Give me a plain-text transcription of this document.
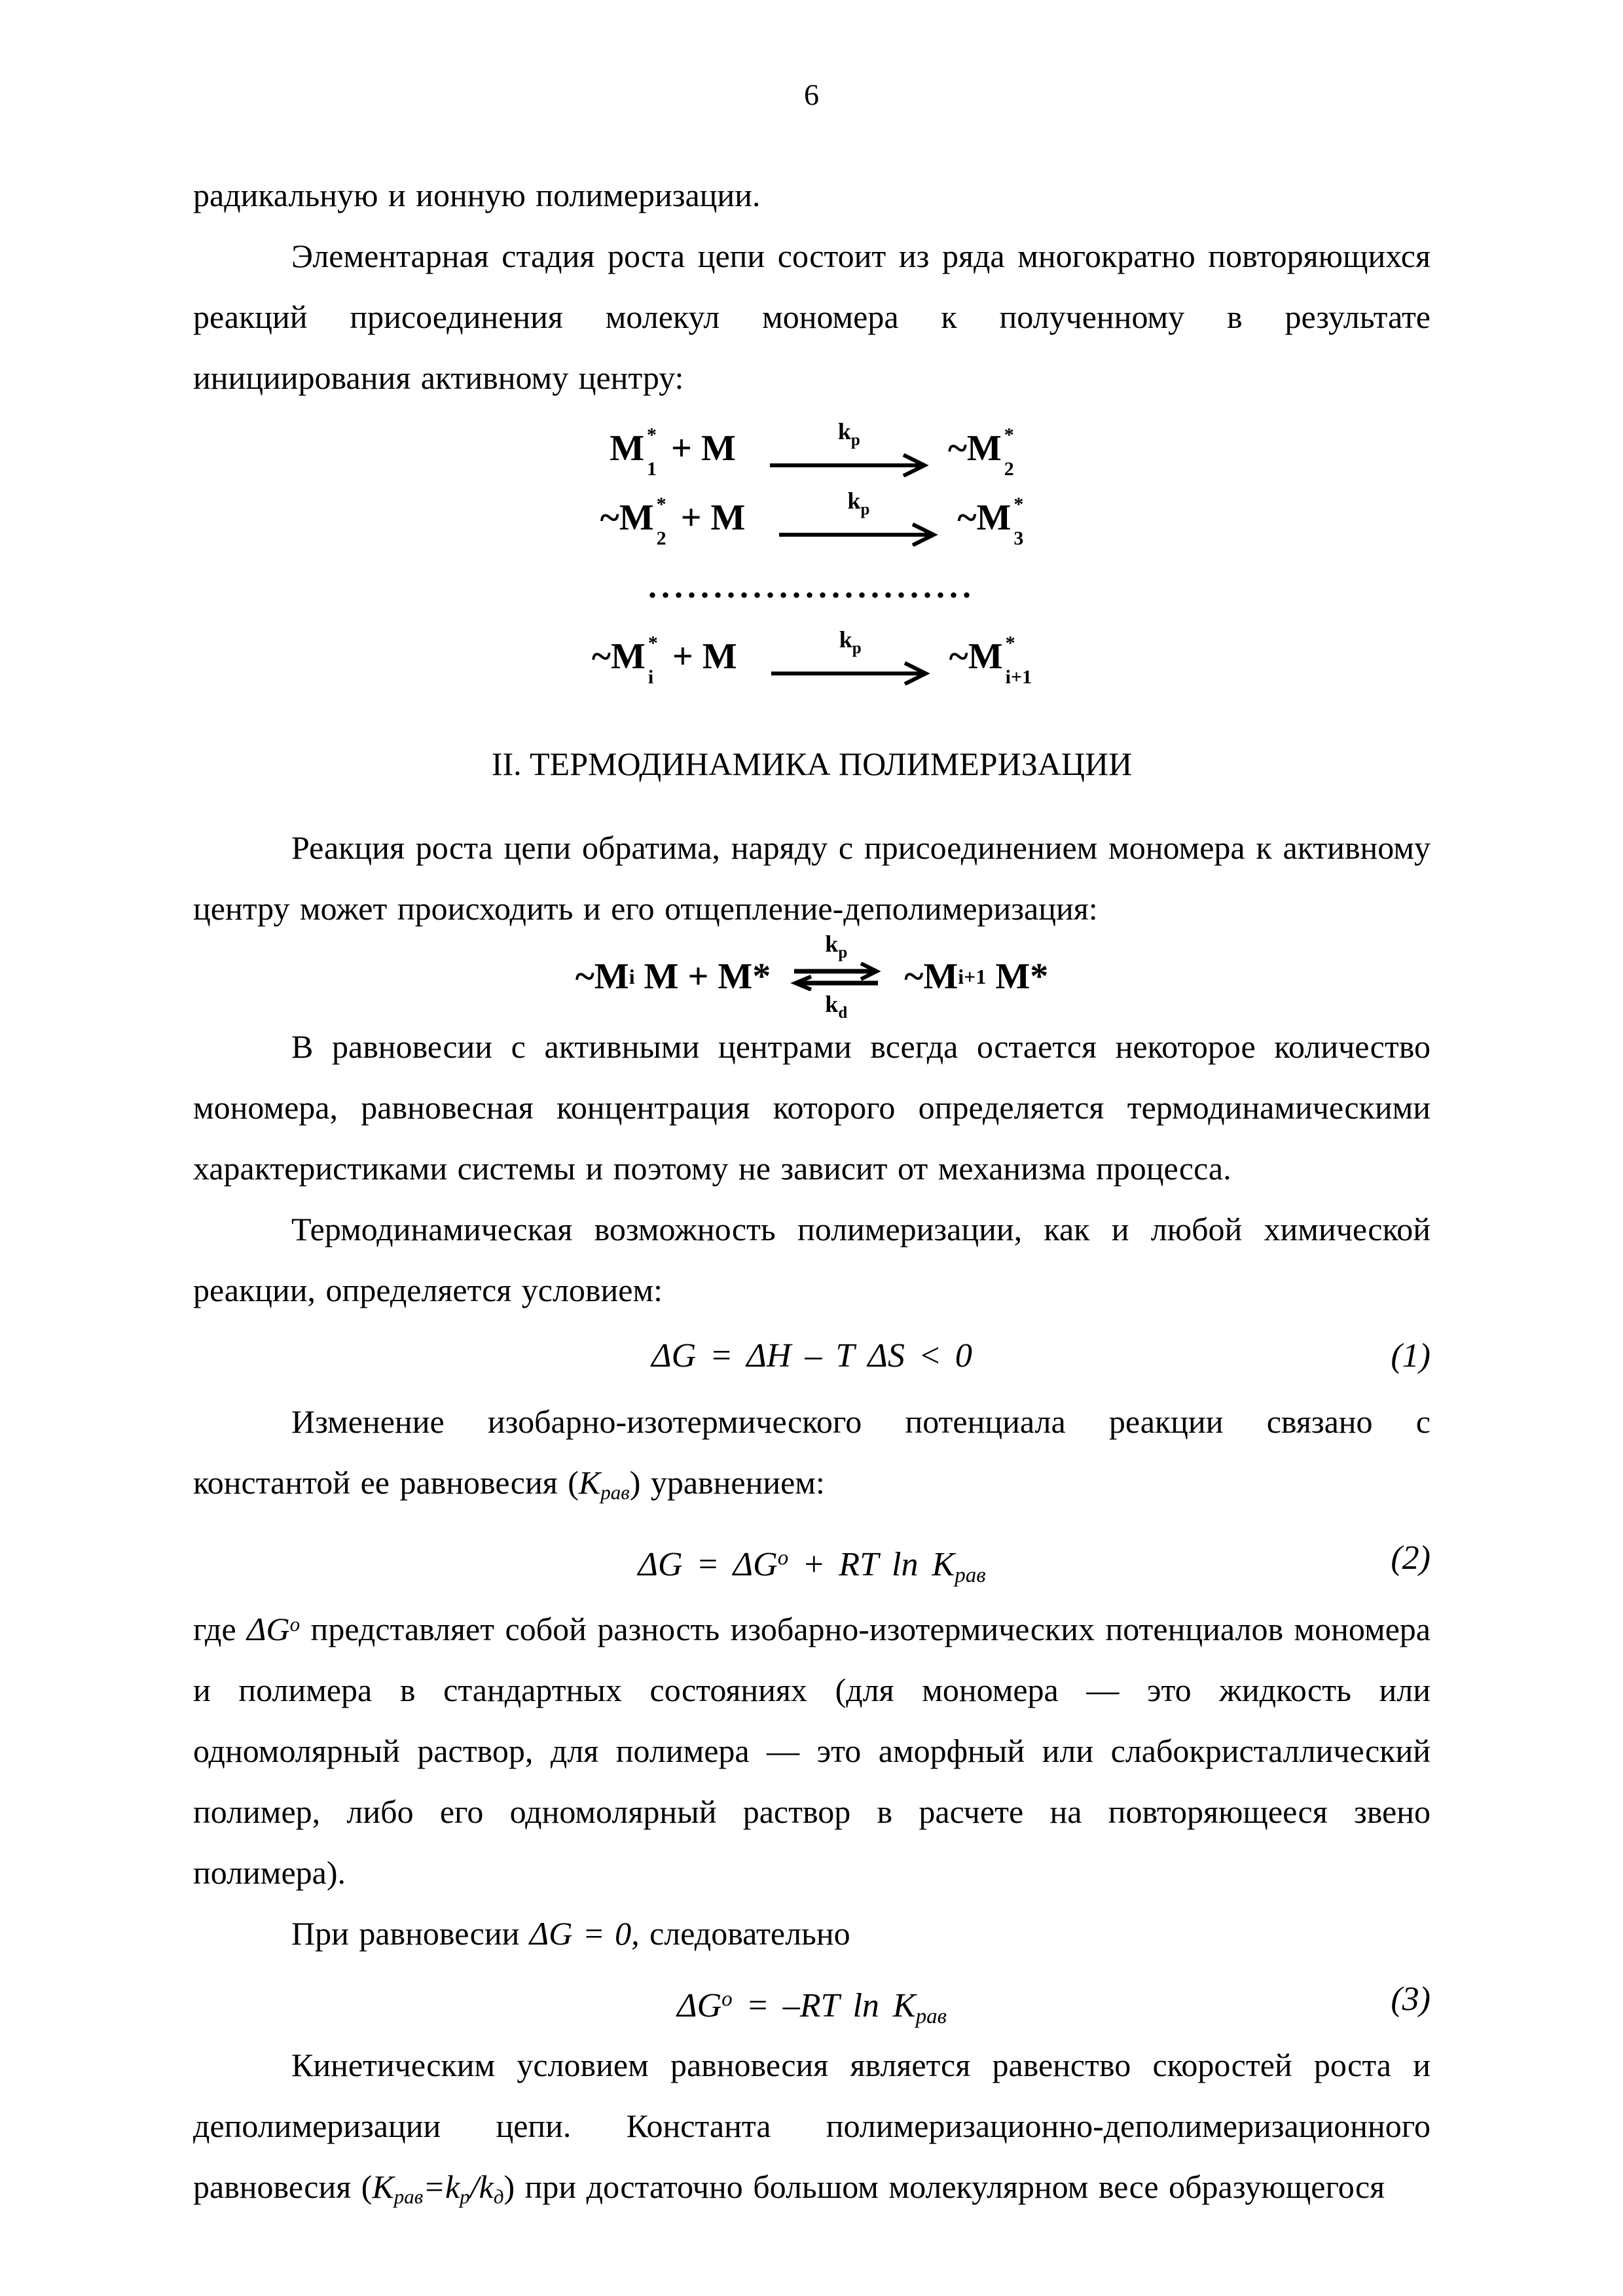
6

радикальную и ионную полимеризации.

Элементарная стадия роста цепи состоит из ряда многократно повторяющихся реакций присоединения молекул мономера к полученному в результате инициирования активному центру:

M *
1
+ M	$k_p$ ~M *
2
~M *
2
+ M	$k_p$ ~M *
3
.........................
~M *
i
+ M	$k_p$ ~M *
i+1
II. ТЕРМОДИНАМИКА ПОЛИМЕРИЗАЦИИ

Реакция роста цепи обратима, наряду с присоединением мономера к активному центру может происходить и его отщепление-деполимеризация:

~M i M + M*
$k_p$
$k_d$
~M i+1 M*

В равновесии с активными центрами всегда остается некоторое количество мономера, равновесная концентрация которого определяется термодинамическими характеристиками системы и поэтому не зависит от механизма процесса.

Термодинамическая возможность полимеризации, как и любой химической реакции, определяется условием:

ΔG = ΔH – T ΔS < 0	(1)

Изменение изобарно-изотермического потенциала реакции связано с константой ее равновесия $(K_{рав})$ уравнением:

$\Delta G = \Delta G^o$ + RT $\ln K_{рав}$	(2)

где $\Delta G^o$ представляет собой разность изобарно-изотермических потенциалов мономера и полимера в стандартных состояниях (для мономера — это жидкость или одномолярный раствор, для полимера — это аморфный или слабокристаллический полимер, либо его одномолярный раствор в расчете на повторяющееся звено полимера).

При равновесии ΔG = 0, следовательно

$\Delta G^o = -RT$ $\ln K_{рав}$	(3)

Кинетическим условием равновесия является равенство скоростей роста и деполимеризации цепи. Константа полимеризационно-деполимеризационного равновесия $(K_{рав}=k_p/k_д)$ при достаточно большом молекулярном весе образующегося
